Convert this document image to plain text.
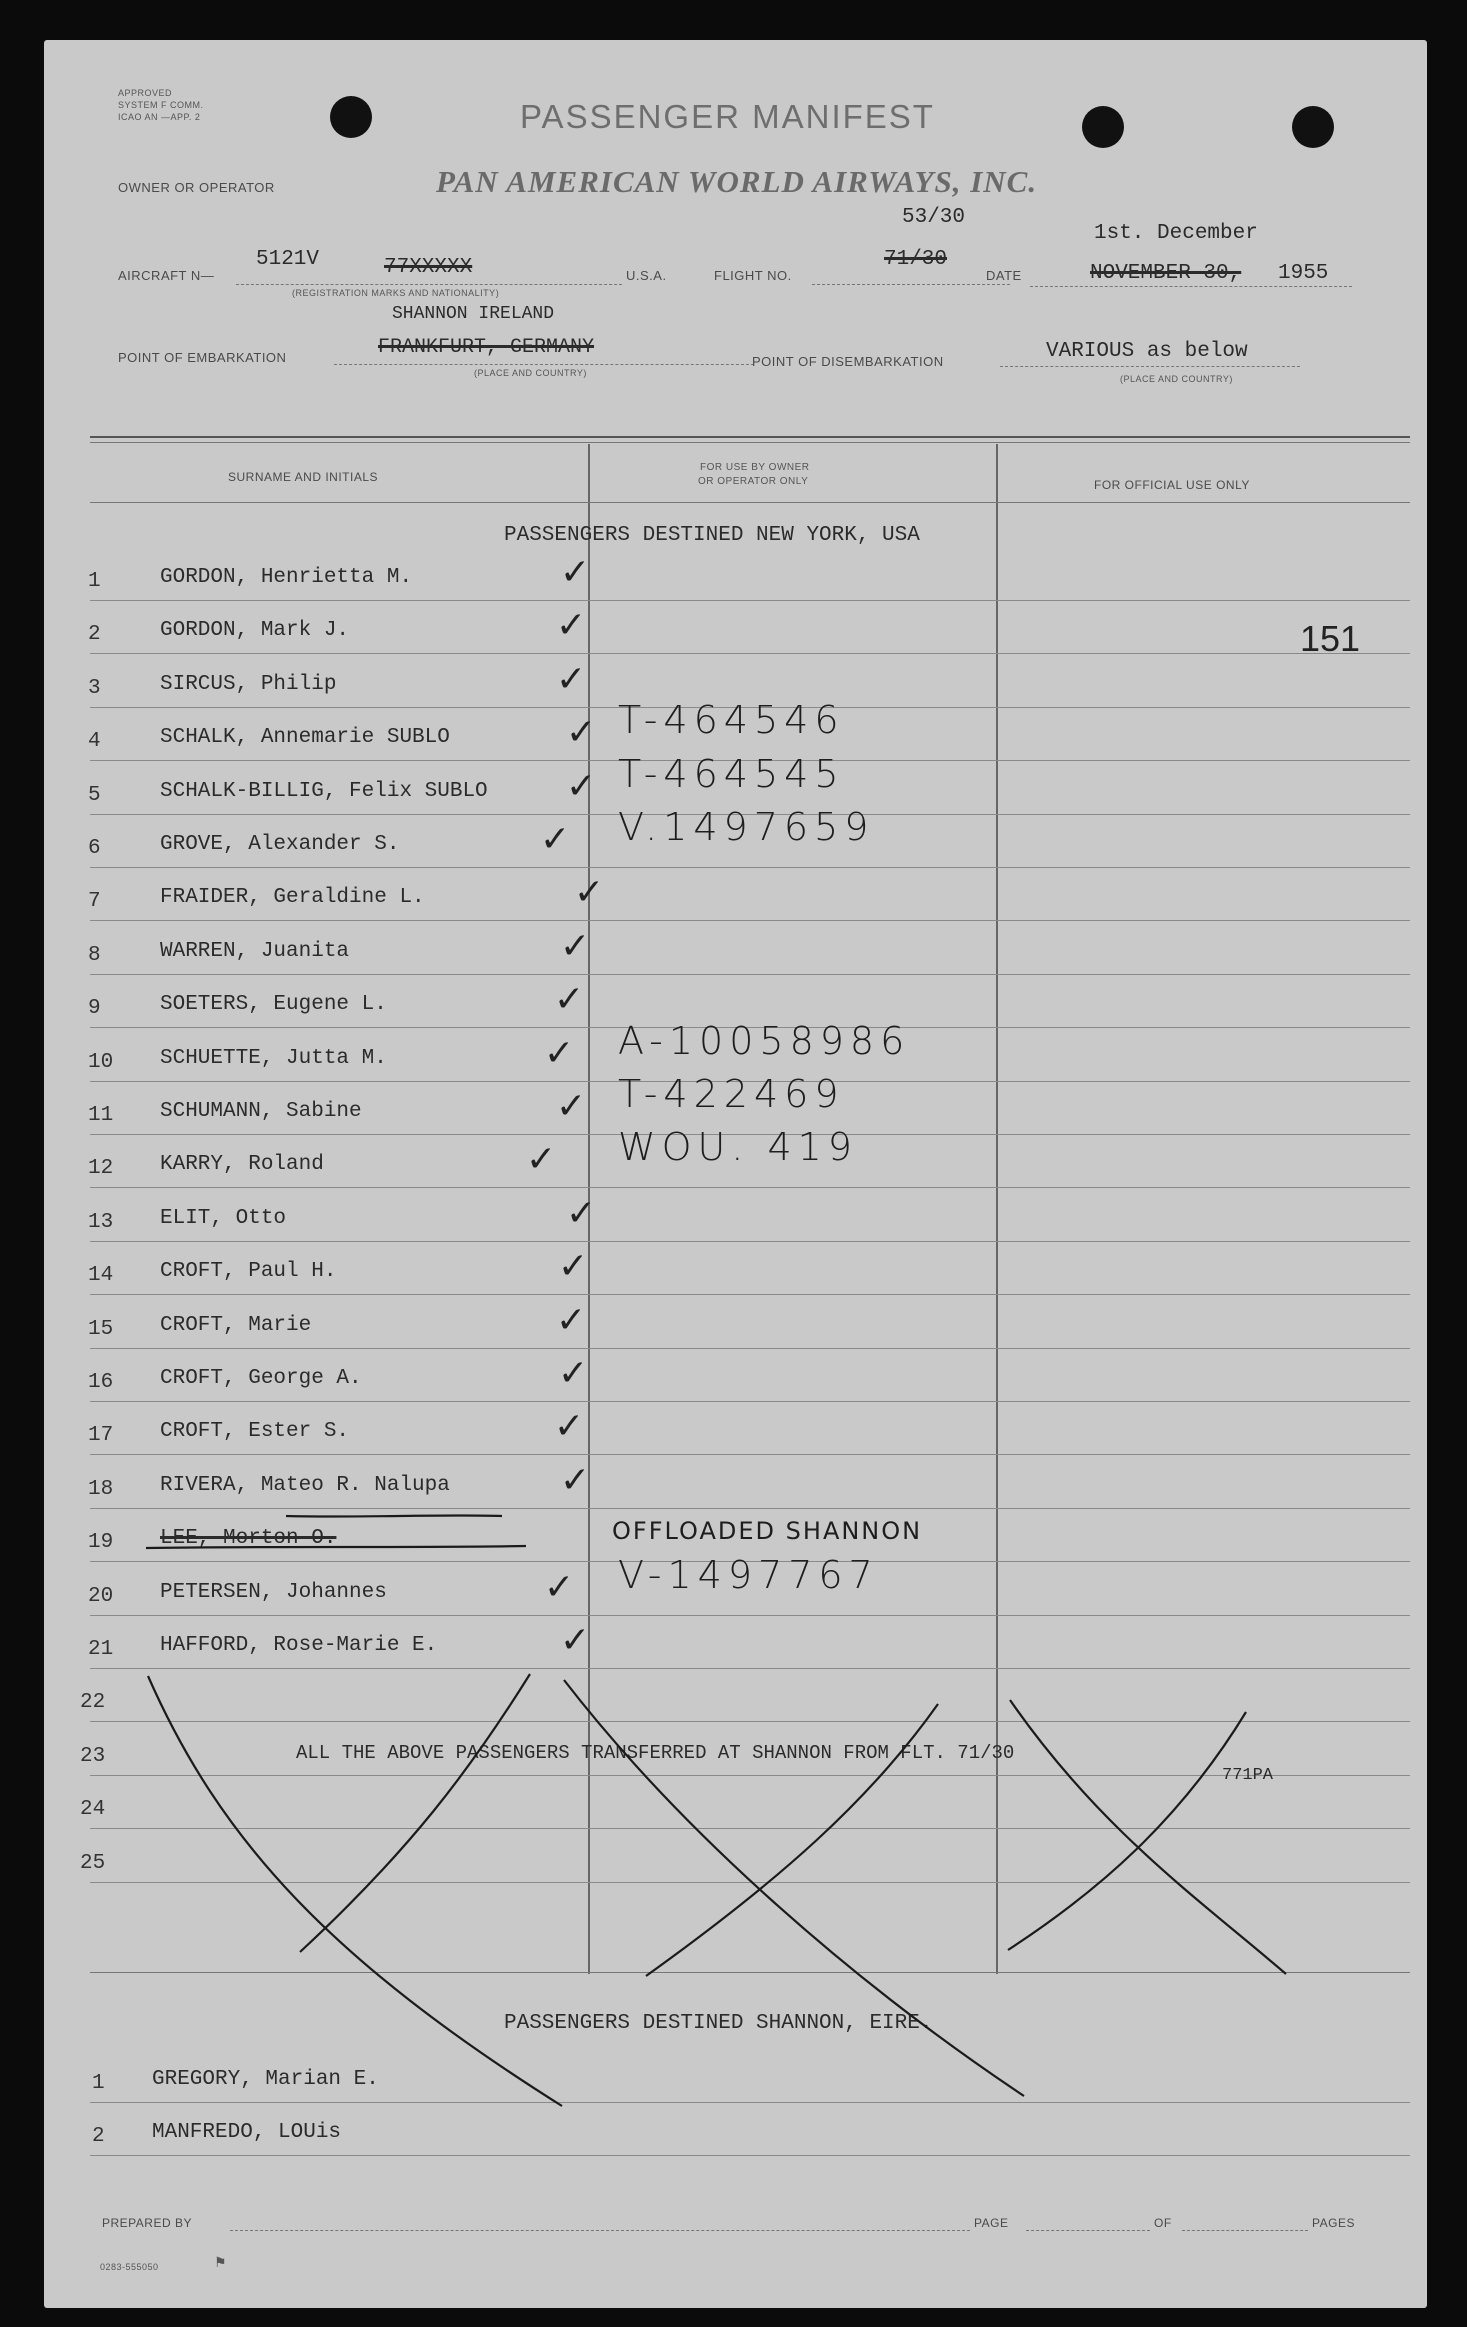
APPROVED
SYSTEM F COMM.
ICAO AN —APP. 2	PASSENGER MANIFEST
OWNER OR OPERATOR	PAN AMERICAN WORLD AIRWAYS, INC.
53/30
1st. December
AIRCRAFT N—
5121V	77XXXXX
(REGISTRATION MARKS AND NATIONALITY)
U.S.A.	FLIGHT NO.
71/30
DATE	NOVEMBER 30, 1955
SHANNON IRELAND
POINT OF EMBARKATION	FRANKFURT, GERMANY
(PLACE AND COUNTRY)
POINT OF DISEMBARKATION	VARIOUS as below
(PLACE AND COUNTRY)
SURNAME AND INITIALS
FOR USE BY OWNER
OR OPERATOR ONLY	FOR OFFICIAL USE ONLY
PASSENGERS DESTINED NEW YORK, USA
1	GORDON, Henrietta M.	✓
2	GORDON, Mark J.	✓
3	SIRCUS, Philip	✓
4	SCHALK, Annemarie SUBLO	✓ T-464546
5	SCHALK-BILLIG, Felix SUBLO ✓ T-464545
6	GROVE, Alexander S.	✓ V.1497659
7	FRAIDER, Geraldine L.	✓
8	WARREN, Juanita	✓
9	SOETERS, Eugene L.	✓
10 SCHUETTE, Jutta M.	✓ A-10058986
11 SCHUMANN, Sabine	✓ T-422469
12 KARRY, Roland	✓ WOU. 419
13 ELIT, Otto	✓
14 CROFT, Paul H.	✓
15 CROFT, Marie	✓
16 CROFT, George A.	✓
17 CROFT, Ester S.	✓
18 RIVERA, Mateo R. Nalupa	✓
19 LEE, Morton O.	OFFLOADED SHANNON
20 PETERSEN, Johannes	✓ V-1497767
21 HAFFORD, Rose-Marie E.	✓
22
23
24
25
151
ALL THE ABOVE PASSENGERS TRANSFERRED AT SHANNON FROM FLT. 71/30
771PA
PASSENGERS DESTINED SHANNON, EIRE.
1 GREGORY, Marian E.
2 MANFREDO, LOUis
PREPARED BY	PAGE	OF	PAGES
0283-555050	⚑
